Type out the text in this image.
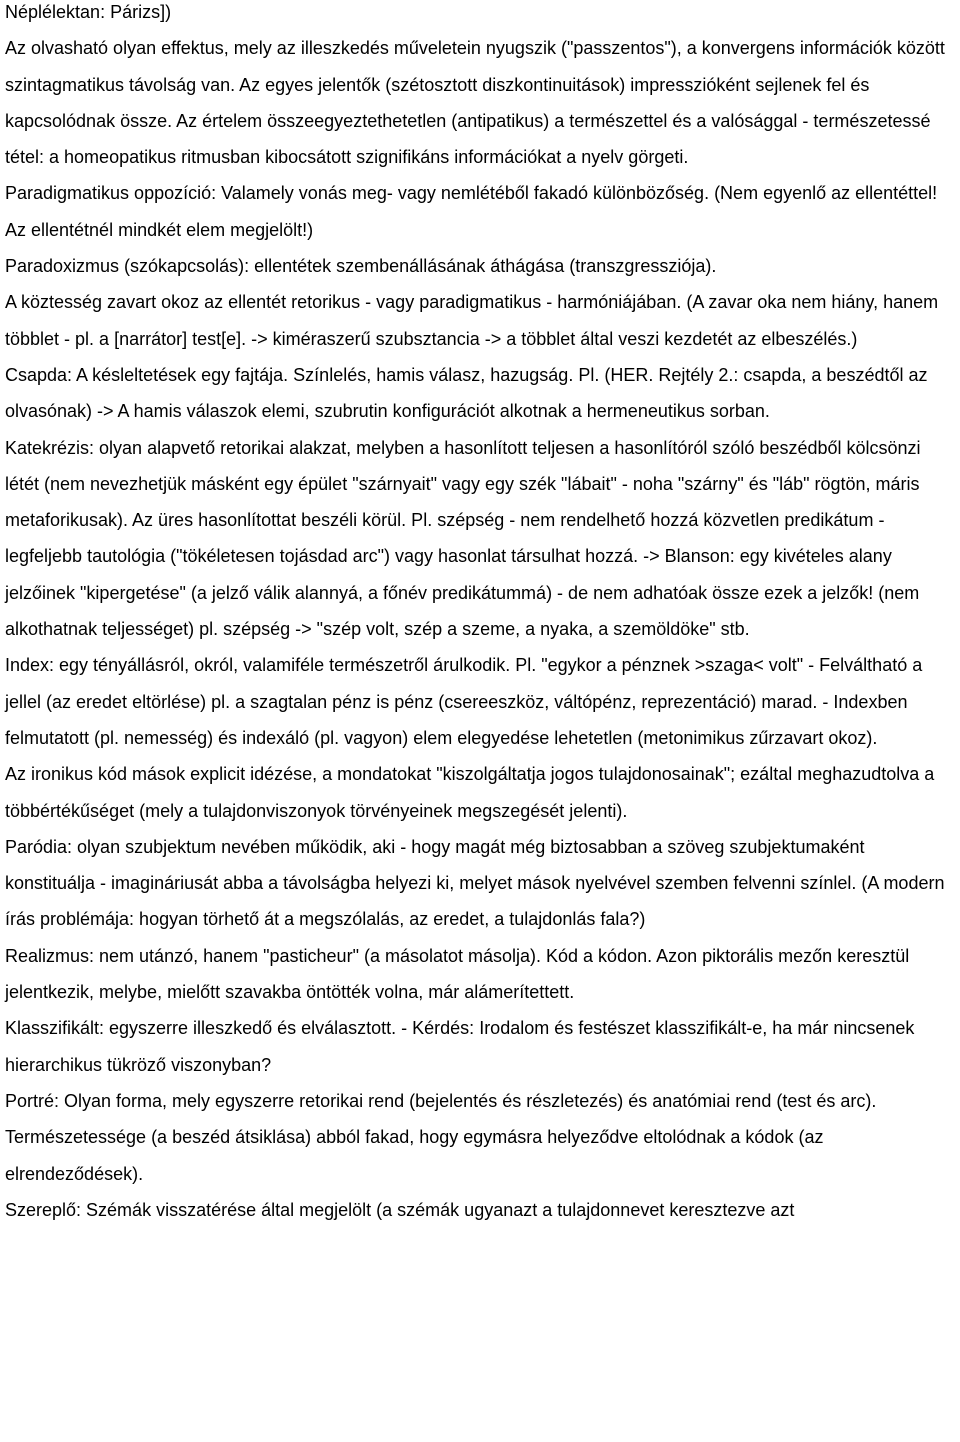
Néplélektan: Párizs])

Az olvasható olyan effektus, mely az illeszkedés műveletein nyugszik ("passzentos"), a konvergens információk között szintagmatikus távolság van. Az egyes jelentők (szétosztott diszkontinuitások) impresszióként sejlenek fel és kapcsolódnak össze. Az értelem összeegyeztethetetlen (antipatikus) a természettel és a valósággal - természetessé tétel: a homeopatikus ritmusban kibocsátott szignifikáns információkat a nyelv görgeti.

Paradigmatikus oppozíció: Valamely vonás meg- vagy nemlétéből fakadó különbözőség. (Nem egyenlő az ellentéttel! Az ellentétnél mindkét elem megjelölt!)

Paradoxizmus (szókapcsolás): ellentétek szembenállásának áthágása (transzgressziója).

A köztesség zavart okoz az ellentét retorikus - vagy paradigmatikus - harmóniájában. (A zavar oka nem hiány, hanem többlet - pl. a [narrátor] test[e]. -> kiméraszerű szubsztancia -> a többlet által veszi kezdetét az elbeszélés.)

Csapda: A késleltetések egy fajtája. Színlelés, hamis válasz, hazugság. Pl. (HER. Rejtély 2.: csapda, a beszédtől az olvasónak) -> A hamis válaszok elemi, szubrutin konfigurációt alkotnak a hermeneutikus sorban.

Katekrézis: olyan alapvető retorikai alakzat, melyben a hasonlított teljesen a hasonlítóról szóló beszédből kölcsönzi létét (nem nevezhetjük másként egy épület "szárnyait" vagy egy szék "lábait" - noha "szárny" és "láb" rögtön, máris metaforikusak). Az üres hasonlítottat beszéli körül. Pl. szépség - nem rendelhető hozzá közvetlen predikátum - legfeljebb tautológia ("tökéletesen tojásdad arc") vagy hasonlat társulhat hozzá. -> Blanson: egy kivételes alany jelzőinek "kipergetése" (a jelző válik alannyá, a főnév predikátummá) - de nem adhatóak össze ezek a jelzők! (nem alkothatnak teljességet) pl. szépség -> "szép volt, szép a szeme, a nyaka, a szemöldöke" stb.

Index: egy tényállásról, okról, valamiféle természetről árulkodik. Pl. "egykor a pénznek >szaga< volt" - Felváltható a jellel (az eredet eltörlése) pl. a szagtalan pénz is pénz (csereeszköz, váltópénz, reprezentáció) marad. - Indexben felmutatott (pl. nemesség) és indexáló (pl. vagyon) elem elegyedése lehetetlen (metonimikus zűrzavart okoz).

Az ironikus kód mások explicit idézése, a mondatokat "kiszolgáltatja jogos tulajdonosainak"; ezáltal meghazudtolva a többértékűséget (mely a tulajdonviszonyok törvényeinek megszegését jelenti).

Paródia: olyan szubjektum nevében működik, aki - hogy magát még biztosabban a szöveg szubjektumaként konstituálja - imagináriusát abba a távolságba helyezi ki, melyet mások nyelvével szemben felvenni színlel. (A modern írás problémája: hogyan törhető át a megszólalás, az eredet, a tulajdonlás fala?)

Realizmus: nem utánzó, hanem "pasticheur" (a másolatot másolja). Kód a kódon. Azon piktorális mezőn keresztül jelentkezik, melybe, mielőtt szavakba öntötték volna, már alámerítettett.

Klasszifikált: egyszerre illeszkedő és elválasztott. - Kérdés: Irodalom és festészet klasszifikált-e, ha már nincsenek hierarchikus tükröző viszonyban?

Portré: Olyan forma, mely egyszerre retorikai rend (bejelentés és részletezés) és anatómiai rend (test és arc). Természetessége (a beszéd átsiklása) abból fakad, hogy egymásra helyeződve eltolódnak a kódok (az elrendeződések).

Szereplő: Szémák visszatérése által megjelölt (a szémák ugyanazt a tulajdonnevet keresztezve azt
